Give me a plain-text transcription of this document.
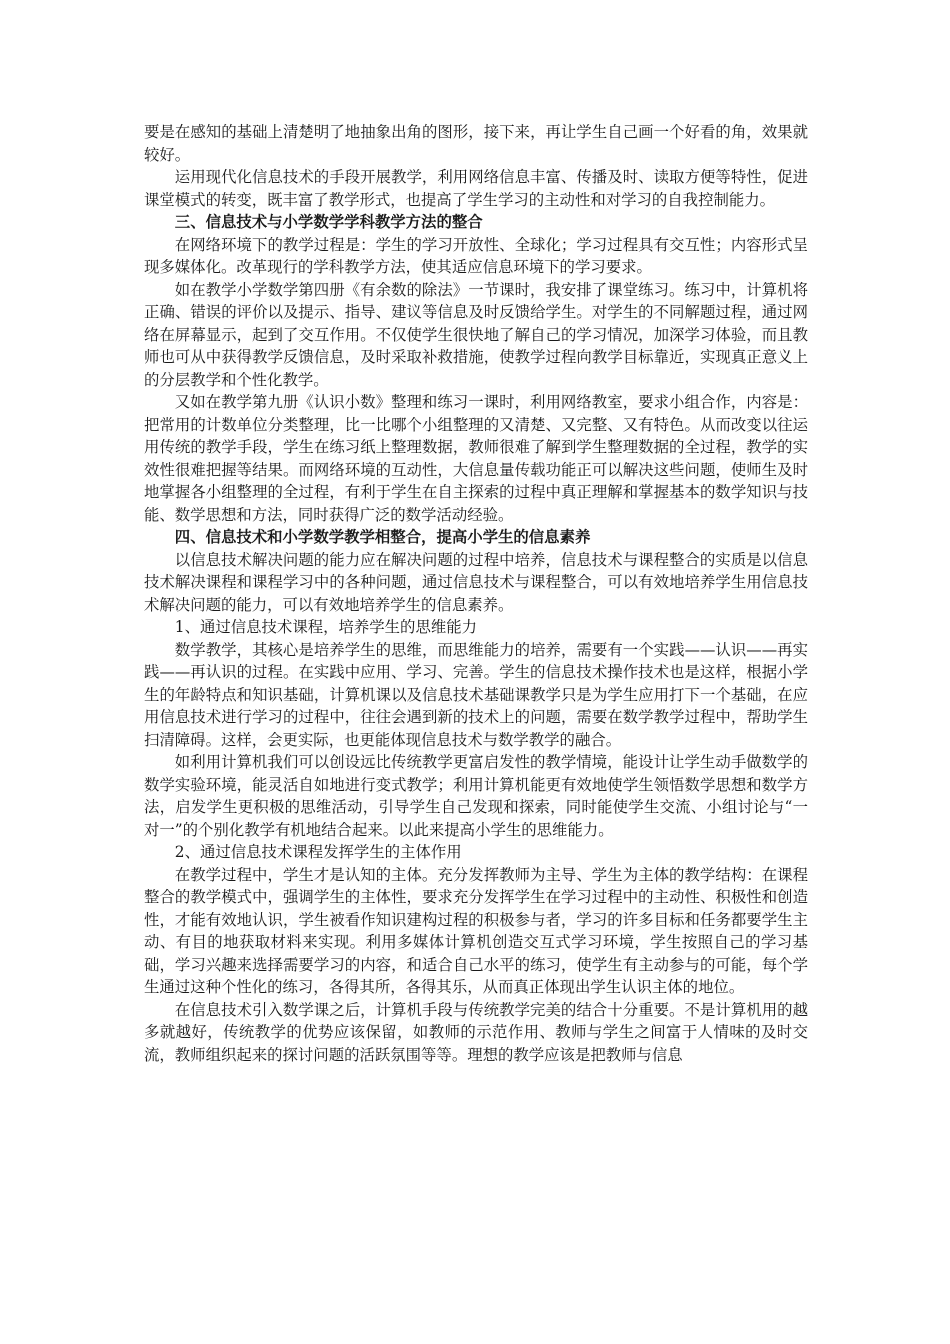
要是在感知的基础上清楚明了地抽象出角的图形，接下来，再让学生自己画一个好看的角，效果就较好。

运用现代化信息技术的手段开展教学，利用网络信息丰富、传播及时、读取方便等特性，促进课堂模式的转变，既丰富了教学形式，也提高了学生学习的主动性和对学习的自我控制能力。

三、信息技术与小学数学学科教学方法的整合

在网络环境下的教学过程是：学生的学习开放性、全球化；学习过程具有交互性；内容形式呈现多媒体化。改革现行的学科教学方法，使其适应信息环境下的学习要求。

如在教学小学数学第四册《有余数的除法》一节课时，我安排了课堂练习。练习中，计算机将正确、错误的评价以及提示、指导、建议等信息及时反馈给学生。对学生的不同解题过程，通过网络在屏幕显示，起到了交互作用。不仅使学生很快地了解自己的学习情况，加深学习体验，而且教师也可从中获得教学反馈信息，及时采取补救措施，使教学过程向教学目标靠近，实现真正意义上的分层教学和个性化教学。

又如在教学第九册《认识小数》整理和练习一课时，利用网络教室，要求小组合作，内容是：把常用的计数单位分类整理，比一比哪个小组整理的又清楚、又完整、又有特色。从而改变以往运用传统的教学手段，学生在练习纸上整理数据，教师很难了解到学生整理数据的全过程，教学的实效性很难把握等结果。而网络环境的互动性，大信息量传载功能正可以解决这些问题，使师生及时地掌握各小组整理的全过程，有利于学生在自主探索的过程中真正理解和掌握基本的数学知识与技能、数学思想和方法，同时获得广泛的数学活动经验。

四、信息技术和小学数学教学相整合，提高小学生的信息素养

以信息技术解决问题的能力应在解决问题的过程中培养，信息技术与课程整合的实质是以信息技术解决课程和课程学习中的各种问题，通过信息技术与课程整合，可以有效地培养学生用信息技术解决问题的能力，可以有效地培养学生的信息素养。

1、通过信息技术课程，培养学生的思维能力

数学教学，其核心是培养学生的思维，而思维能力的培养，需要有一个实践——认识——再实践——再认识的过程。在实践中应用、学习、完善。学生的信息技术操作技术也是这样，根据小学生的年龄特点和知识基础，计算机课以及信息技术基础课教学只是为学生应用打下一个基础，在应用信息技术进行学习的过程中，往往会遇到新的技术上的问题，需要在数学教学过程中，帮助学生扫清障碍。这样，会更实际，也更能体现信息技术与数学教学的融合。

如利用计算机我们可以创设远比传统教学更富启发性的教学情境，能设计让学生动手做数学的数学实验环境，能灵活自如地进行变式教学；利用计算机能更有效地使学生领悟数学思想和数学方法，启发学生更积极的思维活动，引导学生自己发现和探索，同时能使学生交流、小组讨论与“一对一”的个别化教学有机地结合起来。以此来提高小学生的思维能力。

2、通过信息技术课程发挥学生的主体作用

在教学过程中，学生才是认知的主体。充分发挥教师为主导、学生为主体的教学结构：在课程整合的教学模式中，强调学生的主体性，要求充分发挥学生在学习过程中的主动性、积极性和创造性，才能有效地认识，学生被看作知识建构过程的积极参与者，学习的许多目标和任务都要学生主动、有目的地获取材料来实现。利用多媒体计算机创造交互式学习环境，学生按照自己的学习基础，学习兴趣来选择需要学习的内容，和适合自己水平的练习，使学生有主动参与的可能，每个学生通过这种个性化的练习，各得其所，各得其乐，从而真正体现出学生认识主体的地位。

在信息技术引入数学课之后，计算机手段与传统教学完美的结合十分重要。不是计算机用的越多就越好，传统教学的优势应该保留，如教师的示范作用、教师与学生之间富于人情味的及时交流，教师组织起来的探讨问题的活跃氛围等等。理想的教学应该是把教师与信息
